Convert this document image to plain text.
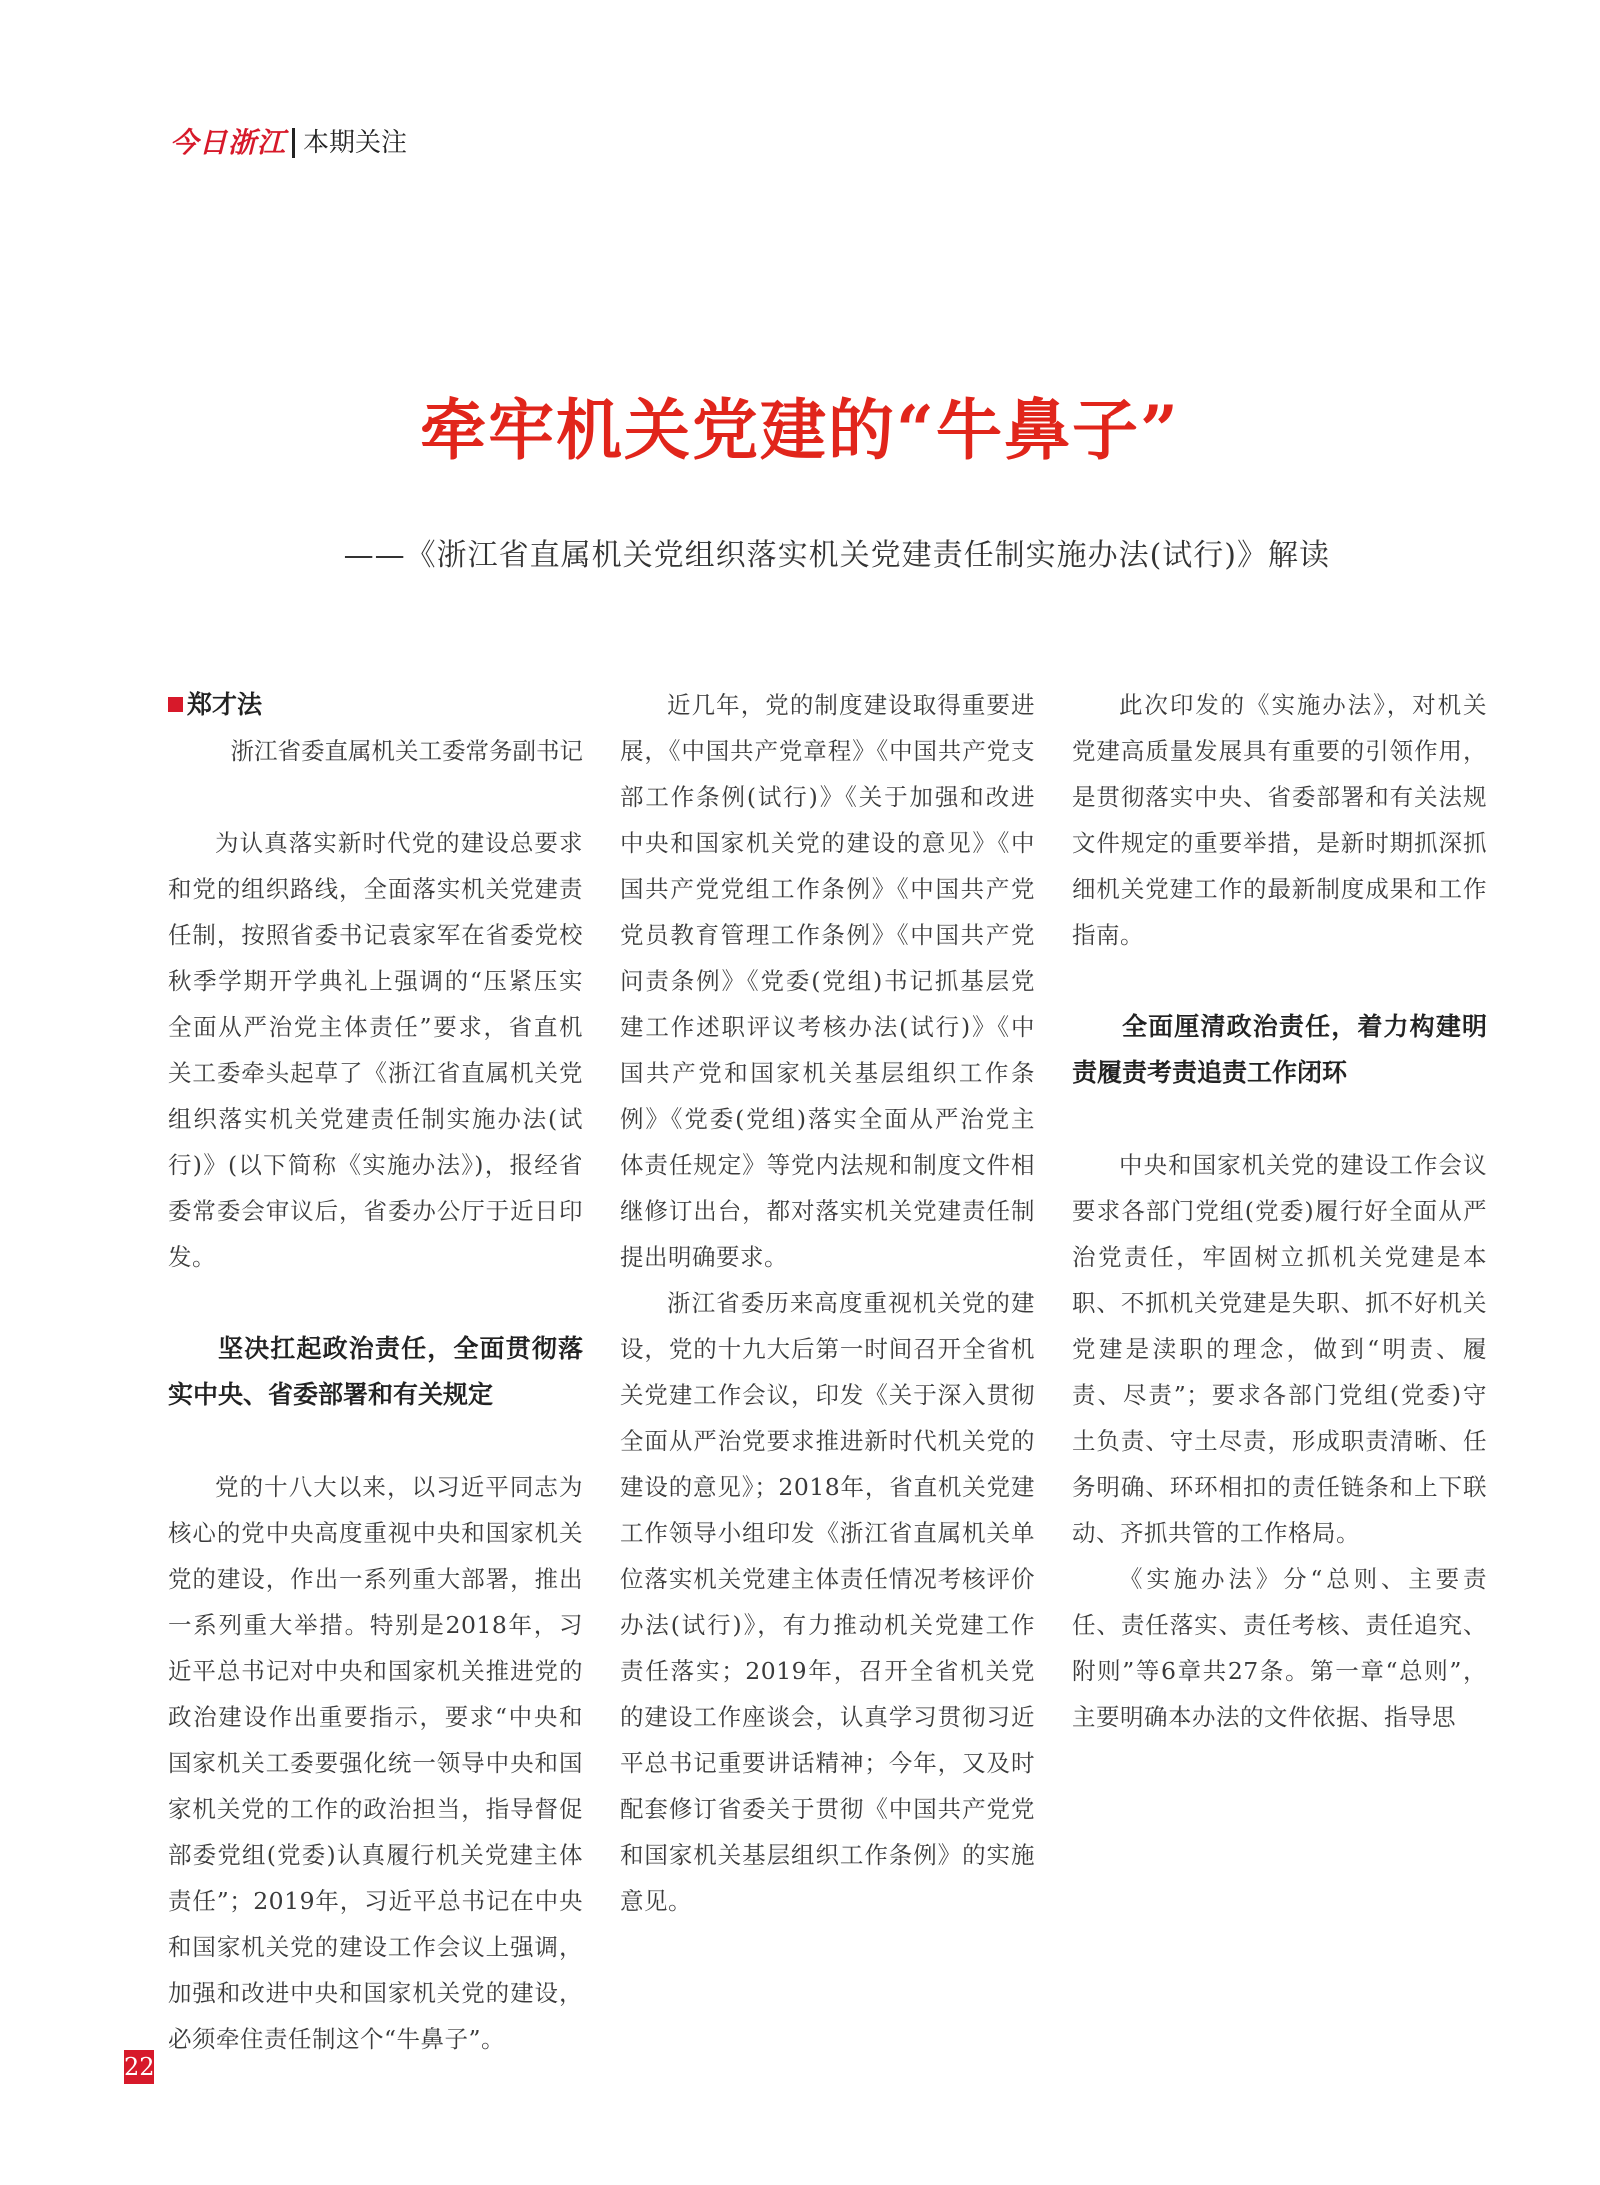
今日浙江 本期关注
牵牢机关党建的“牛鼻子”

——《浙江省直属机关党组织落实机关党建责任制实施办法(试行)》解读

郑才法
浙江省委直属机关工委常务副书记

为认真落实新时代党的建设总要求和党的组织路线，全面落实机关党建责任制，按照省委书记袁家军在省委党校秋季学期开学典礼上强调的“压紧压实全面从严治党主体责任”要求，省直机关工委牵头起草了《浙江省直属机关党组织落实机关党建责任制实施办法(试行)》(以下简称《实施办法》)，报经省委常委会审议后，省委办公厅于近日印发。

坚决扛起政治责任，全面贯彻落实中央、省委部署和有关规定

党的十八大以来，以习近平同志为核心的党中央高度重视中央和国家机关党的建设，作出一系列重大部署，推出一系列重大举措。特别是2018年，习近平总书记对中央和国家机关推进党的政治建设作出重要指示，要求“中央和国家机关工委要强化统一领导中央和国家机关党的工作的政治担当，指导督促部委党组(党委)认真履行机关党建主体责任”；2019年，习近平总书记在中央和国家机关党的建设工作会议上强调，加强和改进中央和国家机关党的建设，必须牵住责任制这个“牛鼻子”。

近几年，党的制度建设取得重要进展，《中国共产党章程》《中国共产党支部工作条例(试行)》《关于加强和改进中央和国家机关党的建设的意见》《中国共产党党组工作条例》《中国共产党党员教育管理工作条例》《中国共产党问责条例》《党委(党组)书记抓基层党建工作述职评议考核办法(试行)》《中国共产党和国家机关基层组织工作条例》《党委(党组)落实全面从严治党主体责任规定》等党内法规和制度文件相继修订出台，都对落实机关党建责任制提出明确要求。

浙江省委历来高度重视机关党的建设，党的十九大后第一时间召开全省机关党建工作会议，印发《关于深入贯彻全面从严治党要求推进新时代机关党的建设的意见》；2018年，省直机关党建工作领导小组印发《浙江省直属机关单位落实机关党建主体责任情况考核评价办法(试行)》，有力推动机关党建工作责任落实；2019年，召开全省机关党的建设工作座谈会，认真学习贯彻习近平总书记重要讲话精神；今年，又及时配套修订省委关于贯彻《中国共产党党和国家机关基层组织工作条例》的实施意见。

此次印发的《实施办法》，对机关党建高质量发展具有重要的引领作用，是贯彻落实中央、省委部署和有关法规文件规定的重要举措，是新时期抓深抓细机关党建工作的最新制度成果和工作指南。

全面厘清政治责任，着力构建明责履责考责追责工作闭环

中央和国家机关党的建设工作会议要求各部门党组(党委)履行好全面从严治党责任，牢固树立抓机关党建是本职、不抓机关党建是失职、抓不好机关党建是渎职的理念，做到“明责、履责、尽责”；要求各部门党组(党委)守土负责、守土尽责，形成职责清晰、任务明确、环环相扣的责任链条和上下联动、齐抓共管的工作格局。

《实施办法》分“总则、主要责任、责任落实、责任考核、责任追究、附则”等6章共27条。第一章“总则”，主要明确本办法的文件依据、指导思

22
